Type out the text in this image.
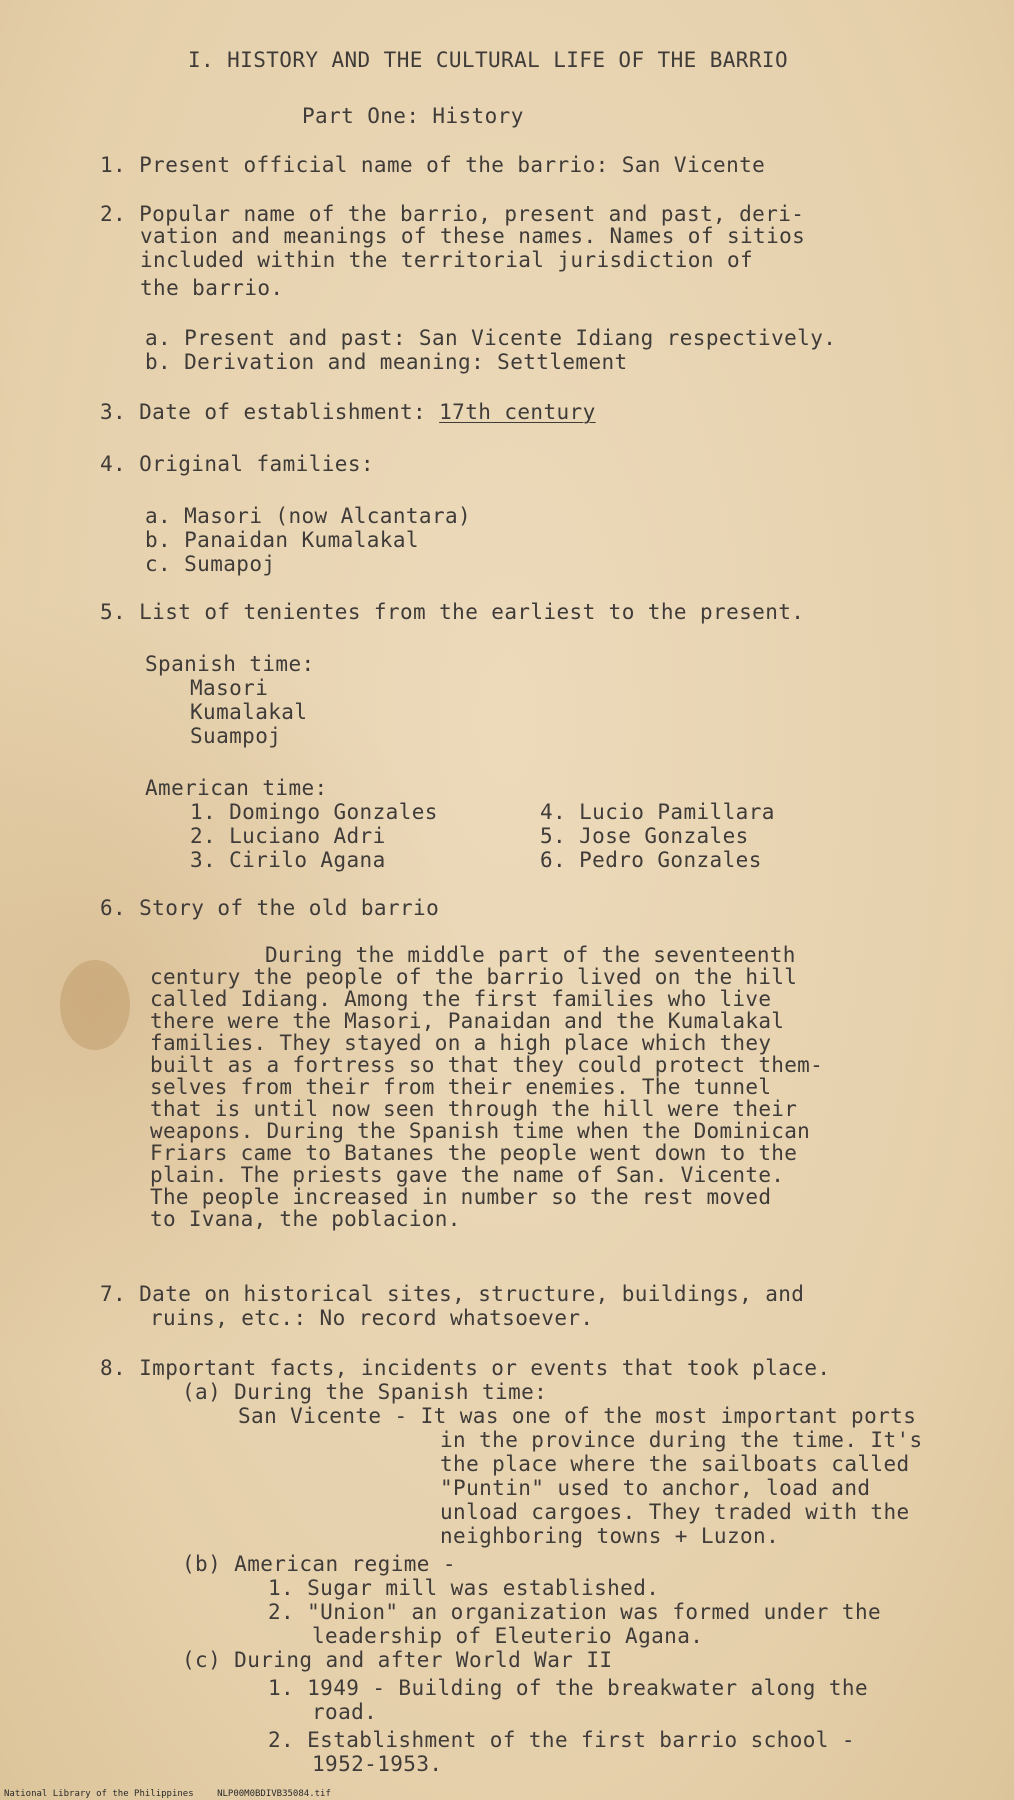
I. HISTORY AND THE CULTURAL LIFE OF THE BARRIO

Part One: History

1. Present official name of the barrio: San Vicente

2. Popular name of the barrio, present and past, deri-

vation and meanings of these names. Names of sitios

included within the territorial jurisdiction of

the barrio.

a. Present and past: San Vicente Idiang respectively.

b. Derivation and meaning: Settlement

3. Date of establishment: 17th century

4. Original families:

a. Masori (now Alcantara)

b. Panaidan Kumalakal

c. Sumapoj

5. List of tenientes from the earliest to the present.

Spanish time:

Masori

Kumalakal

Suampoj

American time:

1. Domingo Gonzales

2. Luciano Adri

3. Cirilo Agana

4. Lucio Pamillara

5. Jose Gonzales

6. Pedro Gonzales

6. Story of the old barrio

During the middle part of the seventeenth
century the people of the barrio lived on the hill
called Idiang. Among the first families who live
there were the Masori, Panaidan and the Kumalakal
families. They stayed on a high place which they
built as a fortress so that they could protect them-
selves from their from their enemies. The tunnel
that is until now seen through the hill were their
weapons. During the Spanish time when the Dominican
Friars came to Batanes the people went down to the
plain. The priests gave the name of San. Vicente.
The people increased in number so the rest moved
to Ivana, the poblacion.

7. Date on historical sites, structure, buildings, and

ruins, etc.: No record whatsoever.

8. Important facts, incidents or events that took place.

(a) During the Spanish time:

San Vicente - It was one of the most important ports

in the province during the time. It's

the place where the sailboats called

"Puntin" used to anchor, load and

unload cargoes. They traded with the

neighboring towns + Luzon.

(b) American regime -

1. Sugar mill was established.

2. "Union" an organization was formed under the

leadership of Eleuterio Agana.

(c) During and after World War II

1. 1949 - Building of the breakwater along the

road.

2. Establishment of the first barrio school -

1952-1953.

National Library of the Philippines	NLP00M0BDIVB35084.tif
